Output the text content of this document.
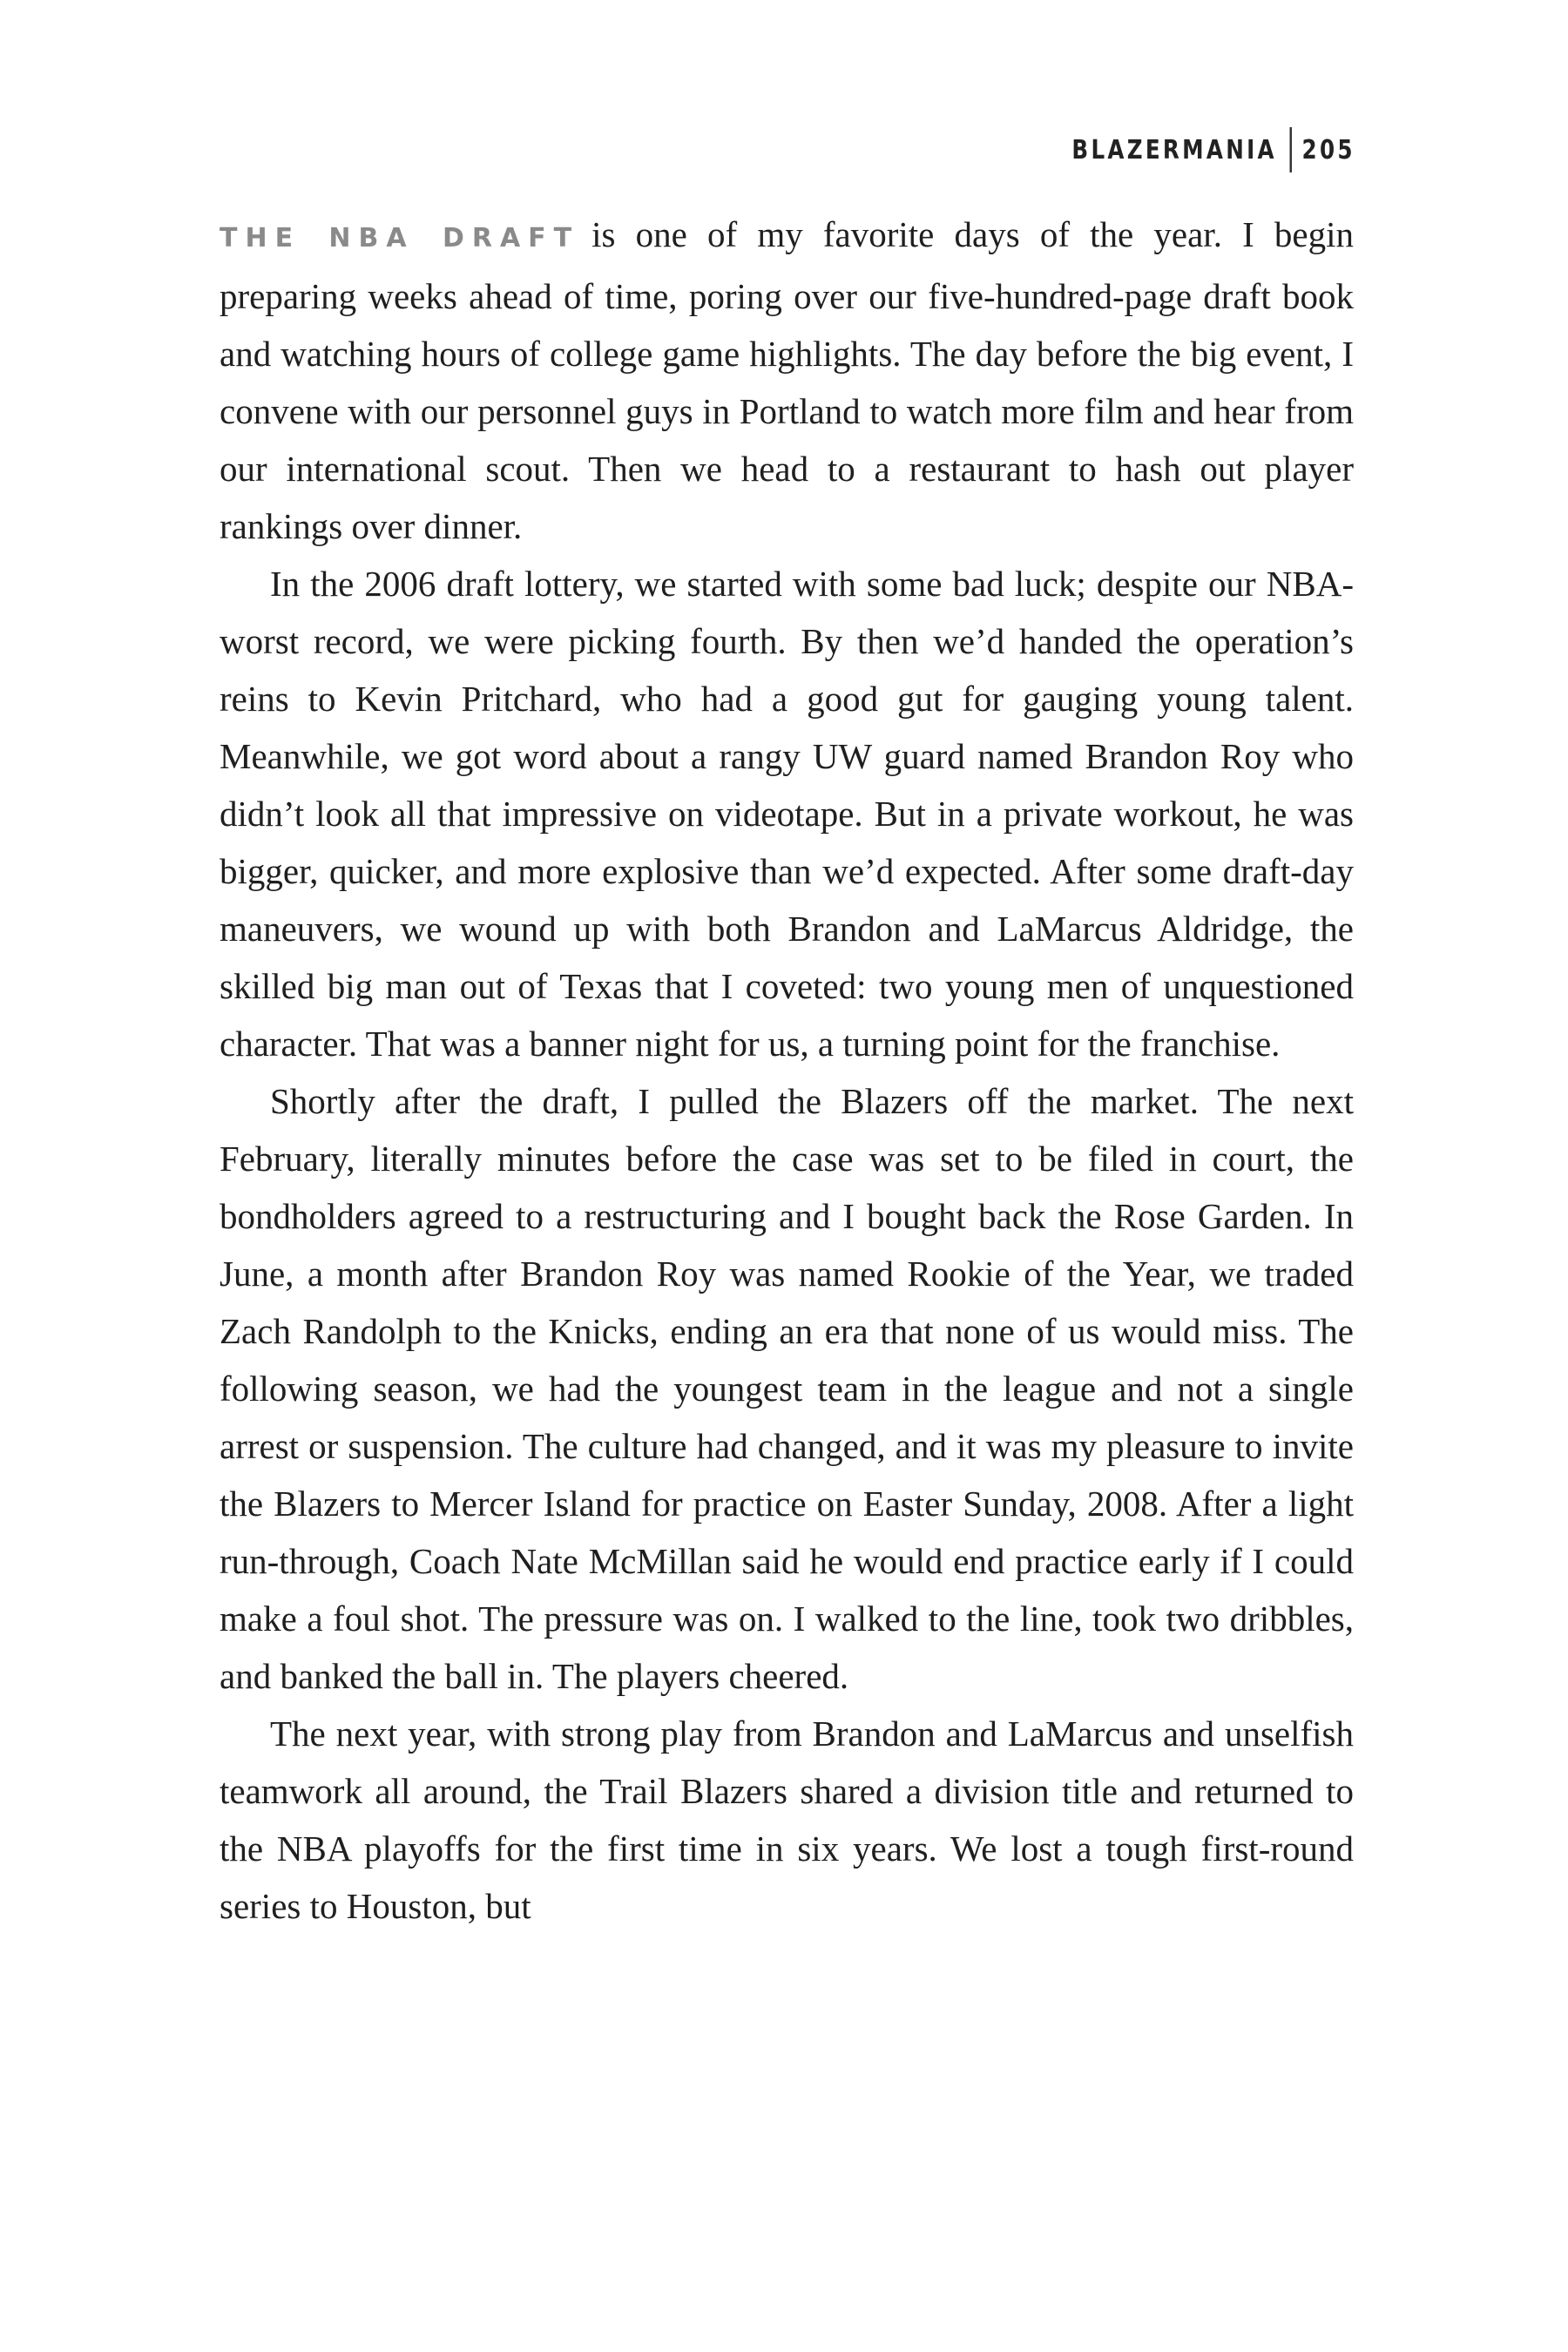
BLAZERMANIA 205

THE NBA DRAFT is one of my favorite days of the year. I begin preparing weeks ahead of time, poring over our five-hundred-page draft book and watching hours of college game highlights. The day before the big event, I convene with our personnel guys in Portland to watch more film and hear from our international scout. Then we head to a restaurant to hash out player rankings over dinner.

In the 2006 draft lottery, we started with some bad luck; despite our NBA-worst record, we were picking fourth. By then we’d handed the operation’s reins to Kevin Pritchard, who had a good gut for gauging young talent. Meanwhile, we got word about a rangy UW guard named Brandon Roy who didn’t look all that impressive on videotape. But in a private workout, he was bigger, quicker, and more explosive than we’d expected. After some draft-day maneuvers, we wound up with both Brandon and LaMarcus Aldridge, the skilled big man out of Texas that I coveted: two young men of unquestioned character. That was a banner night for us, a turning point for the franchise.

Shortly after the draft, I pulled the Blazers off the market. The next February, literally minutes before the case was set to be filed in court, the bondholders agreed to a restructuring and I bought back the Rose Garden. In June, a month after Brandon Roy was named Rookie of the Year, we traded Zach Randolph to the Knicks, ending an era that none of us would miss. The following season, we had the youngest team in the league and not a single arrest or suspension. The culture had changed, and it was my pleasure to invite the Blazers to Mercer Island for practice on Easter Sunday, 2008. After a light run-through, Coach Nate McMillan said he would end practice early if I could make a foul shot. The pressure was on. I walked to the line, took two dribbles, and banked the ball in. The players cheered.

The next year, with strong play from Brandon and LaMarcus and unselfish teamwork all around, the Trail Blazers shared a division title and returned to the NBA playoffs for the first time in six years. We lost a tough first-round series to Houston, but
